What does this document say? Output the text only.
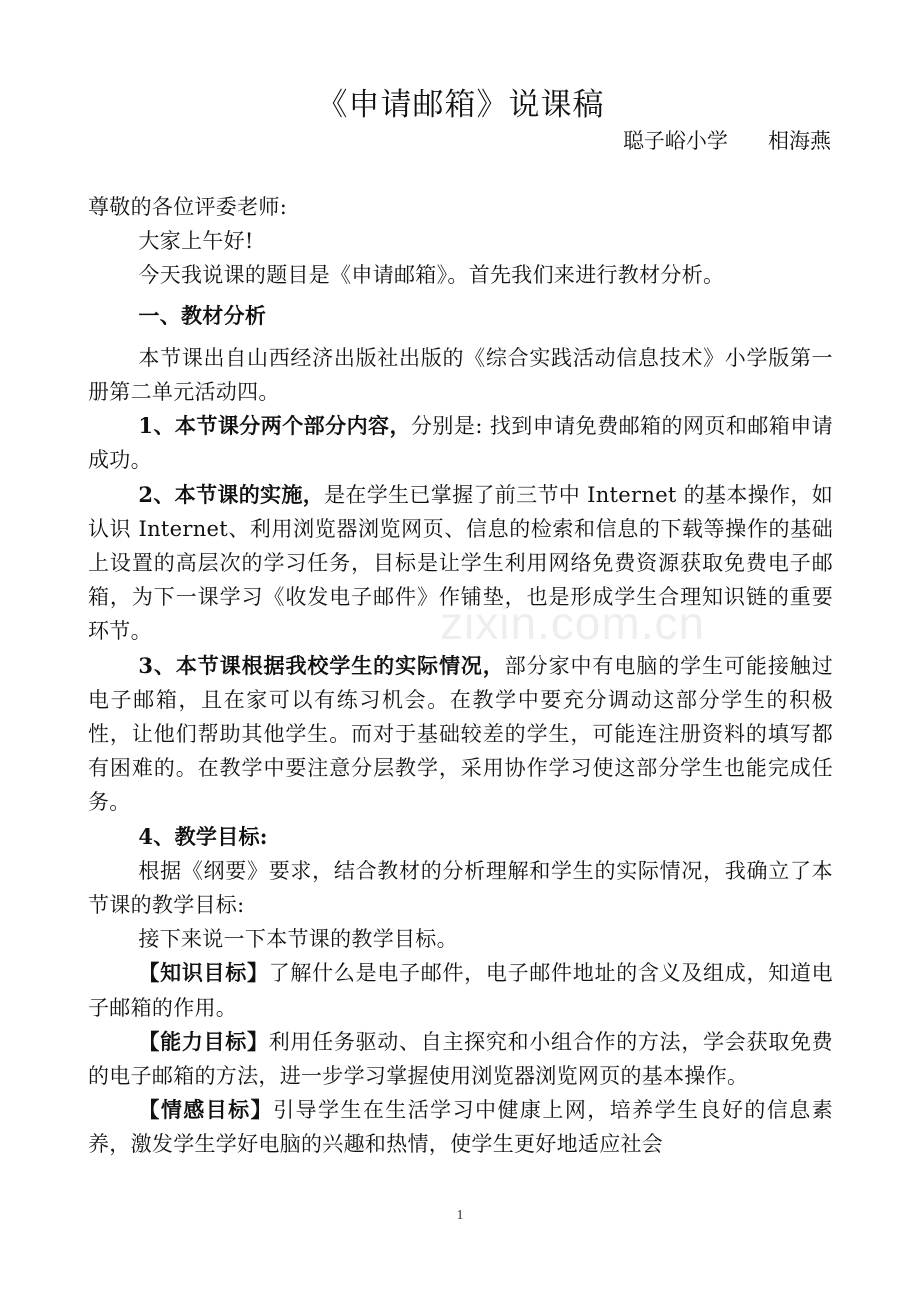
zixin.com.cn
《申请邮箱》说课稿

聪子峪小学      相海燕

尊敬的各位评委老师:

大家上午好!

今天我说课的题目是《申请邮箱》。首先我们来进行教材分析。

一、教材分析

本节课出自山西经济出版社出版的《综合实践活动信息技术》小学版第一册第二单元活动四。

1、本节课分两个部分内容，分别是: 找到申请免费邮箱的网页和邮箱申请成功。

2、本节课的实施，是在学生已掌握了前三节中 Internet 的基本操作，如认识 Internet、利用浏览器浏览网页、信息的检索和信息的下载等操作的基础上设置的高层次的学习任务，目标是让学生利用网络免费资源获取免费电子邮箱，为下一课学习《收发电子邮件》作铺垫，也是形成学生合理知识链的重要环节。

3、本节课根据我校学生的实际情况，部分家中有电脑的学生可能接触过电子邮箱，且在家可以有练习机会。在教学中要充分调动这部分学生的积极性，让他们帮助其他学生。而对于基础较差的学生，可能连注册资料的填写都有困难的。在教学中要注意分层教学，采用协作学习使这部分学生也能完成任务。

4、教学目标:

根据《纲要》要求，结合教材的分析理解和学生的实际情况，我确立了本节课的教学目标:

接下来说一下本节课的教学目标。

【知识目标】了解什么是电子邮件，电子邮件地址的含义及组成，知道电子邮箱的作用。

【能力目标】利用任务驱动、自主探究和小组合作的方法，学会获取免费的电子邮箱的方法，进一步学习掌握使用浏览器浏览网页的基本操作。

【情感目标】引导学生在生活学习中健康上网，培养学生良好的信息素养，激发学生学好电脑的兴趣和热情，使学生更好地适应社会

1
